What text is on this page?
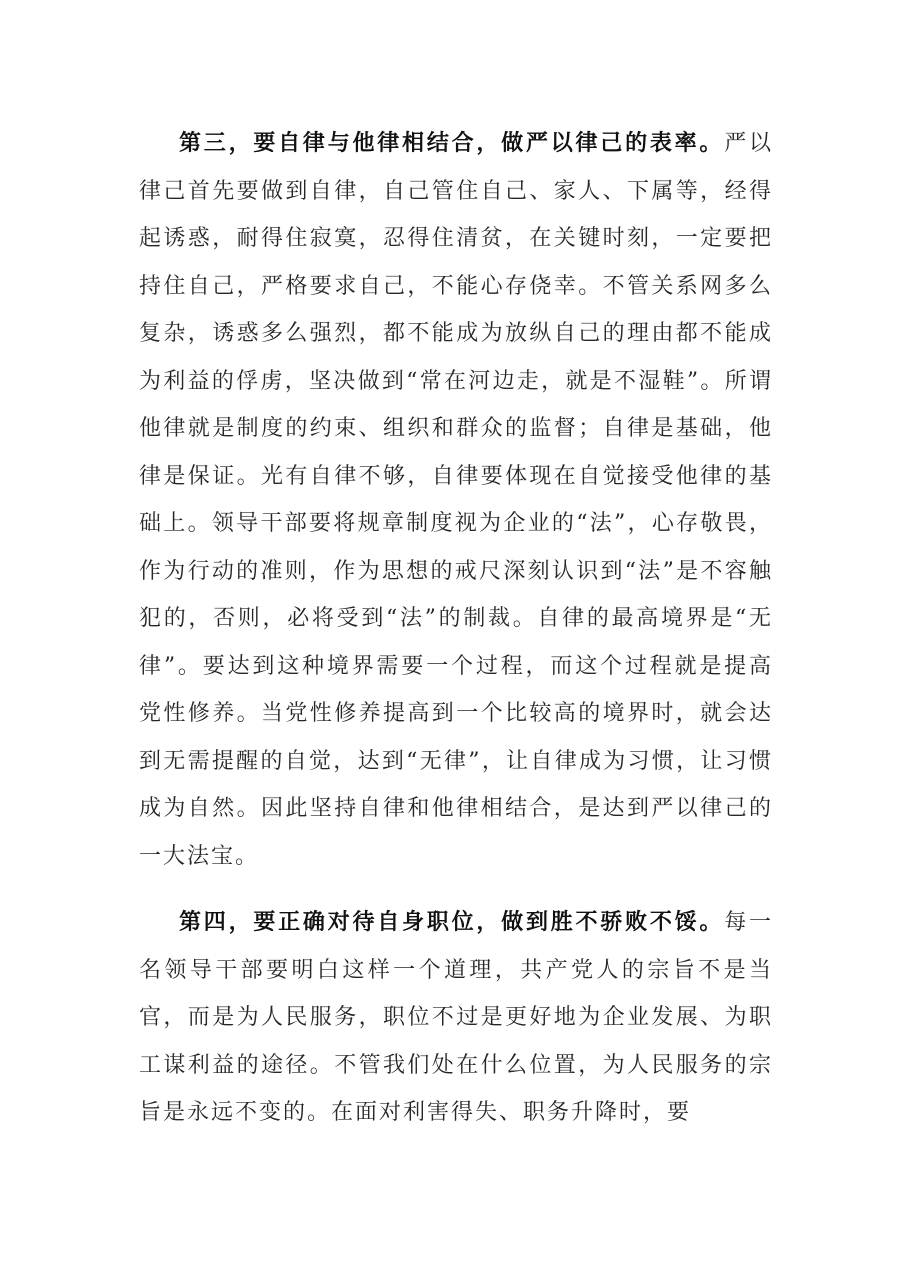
第三，要自律与他律相结合，做严以律己的表率。严以律己首先要做到自律，自己管住自己、家人、下属等，经得起诱惑，耐得住寂寞，忍得住清贫，在关键时刻，一定要把持住自己，严格要求自己，不能心存侥幸。不管关系网多么复杂，诱惑多么强烈，都不能成为放纵自己的理由都不能成为利益的俘虏，坚决做到“常在河边走，就是不湿鞋”。所谓他律就是制度的约束、组织和群众的监督；自律是基础，他律是保证。光有自律不够，自律要体现在自觉接受他律的基础上。领导干部要将规章制度视为企业的“法”，心存敬畏，作为行动的准则，作为思想的戒尺深刻认识到“法”是不容触犯的，否则，必将受到“法”的制裁。自律的最高境界是“无律”。要达到这种境界需要一个过程，而这个过程就是提高党性修养。当党性修养提高到一个比较高的境界时，就会达到无需提醒的自觉，达到“无律”，让自律成为习惯，让习惯成为自然。因此坚持自律和他律相结合，是达到严以律己的一大法宝。

第四，要正确对待自身职位，做到胜不骄败不馁。每一名领导干部要明白这样一个道理，共产党人的宗旨不是当官，而是为人民服务，职位不过是更好地为企业发展、为职工谋利益的途径。不管我们处在什么位置，为人民服务的宗旨是永远不变的。在面对利害得失、职务升降时，要
